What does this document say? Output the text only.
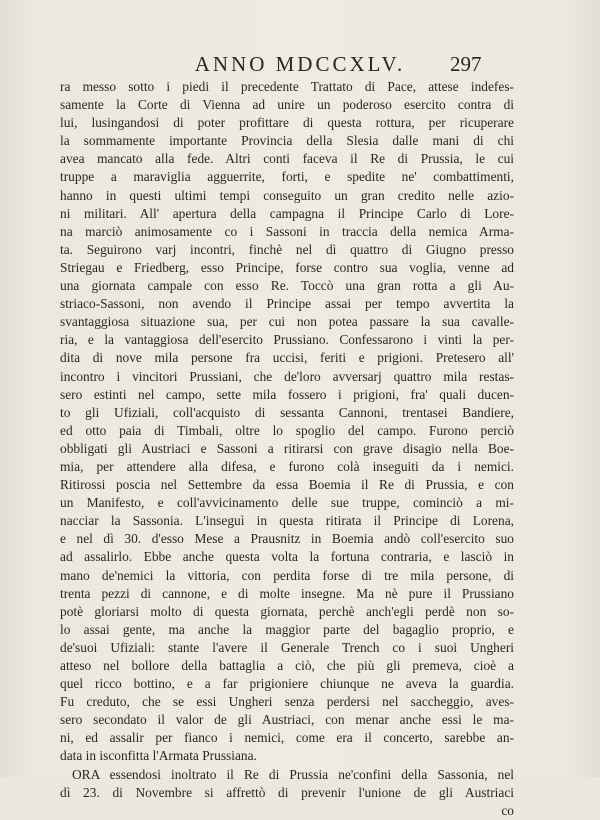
ANNO MDCCXLV.	297
ra messo sotto i piedi il precedente Trattato di Pace, attese indefes-
samente la Corte di Vienna ad unire un poderoso esercito contra di
lui, lusingandosi di poter profittare di questa rottura, per ricuperare
la sommamente importante Provincia della Slesia dalle mani di chi
avea mancato alla fede. Altri conti faceva il Re di Prussia, le cui
truppe a maraviglia agguerrite, forti, e spedite ne' combattimenti,
hanno in questi ultimi tempi conseguito un gran credito nelle azio-
ni militari. All' apertura della campagna il Principe Carlo di Lore-
na marciò animosamente co i Sassoni in traccia della nemica Arma-
ta. Seguirono varj incontri, finchè nel dì quattro di Giugno presso
Striegau e Friedberg, esso Principe, forse contro sua voglia, venne ad
una giornata campale con esso Re. Toccò una gran rotta a gli Au-
striaco-Sassoni, non avendo il Principe assai per tempo avvertita la
svantaggiosa situazione sua, per cui non potea passare la sua cavalle-
ria, e la vantaggiosa dell'esercito Prussiano. Confessarono i vinti la per-
dita di nove mila persone fra uccisi, feriti e prigioni. Pretesero all'
incontro i vincitori Prussiani, che de'loro avversarj quattro mila restas-
sero estinti nel campo, sette mila fossero i prigioni, fra' quali ducen-
to gli Ufiziali, coll'acquisto di sessanta Cannoni, trentasei Bandiere,
ed otto paia di Timbali, oltre lo spoglio del campo. Furono perciò
obbligati gli Austriaci e Sassoni a ritirarsi con grave disagio nella Boe-
mia, per attendere alla difesa, e furono colà inseguiti da i nemici.
Ritirossi poscia nel Settembre da essa Boemia il Re di Prussia, e con
un Manifesto, e coll'avvicinamento delle sue truppe, cominciò a mi-
nacciar la Sassonia. L'inseguì in questa ritirata il Principe di Lorena,
e nel dì 30. d'esso Mese a Prausnitz in Boemia andò coll'esercito suo
ad assalirlo. Ebbe anche questa volta la fortuna contraria, e lasciò in
mano de'nemici la vittoria, con perdita forse di tre mila persone, di
trenta pezzi di cannone, e di molte insegne. Ma nè pure il Prussiano
potè gloriarsi molto di questa giornata, perchè anch'egli perdè non so-
lo assai gente, ma anche la maggior parte del bagaglio proprio, e
de'suoi Ufiziali: stante l'avere il Generale Trench co i suoi Ungheri
atteso nel bollore della battaglia a ciò, che più gli premeva, cioè a
quel ricco bottino, e a far prigioniere chiunque ne aveva la guardia.
Fu creduto, che se essi Ungheri senza perdersi nel saccheggio, aves-
sero secondato il valor de gli Austriaci, con menar anche essi le ma-
ni, ed assalir per fianco i nemici, come era il concerto, sarebbe an-
data in isconfitta l'Armata Prussiana.
ORA essendosi inoltrato il Re di Prussia ne'confini della Sassonia, nel
dì 23. di Novembre si affrettò di prevenir l'unione de gli Austriaci
co
